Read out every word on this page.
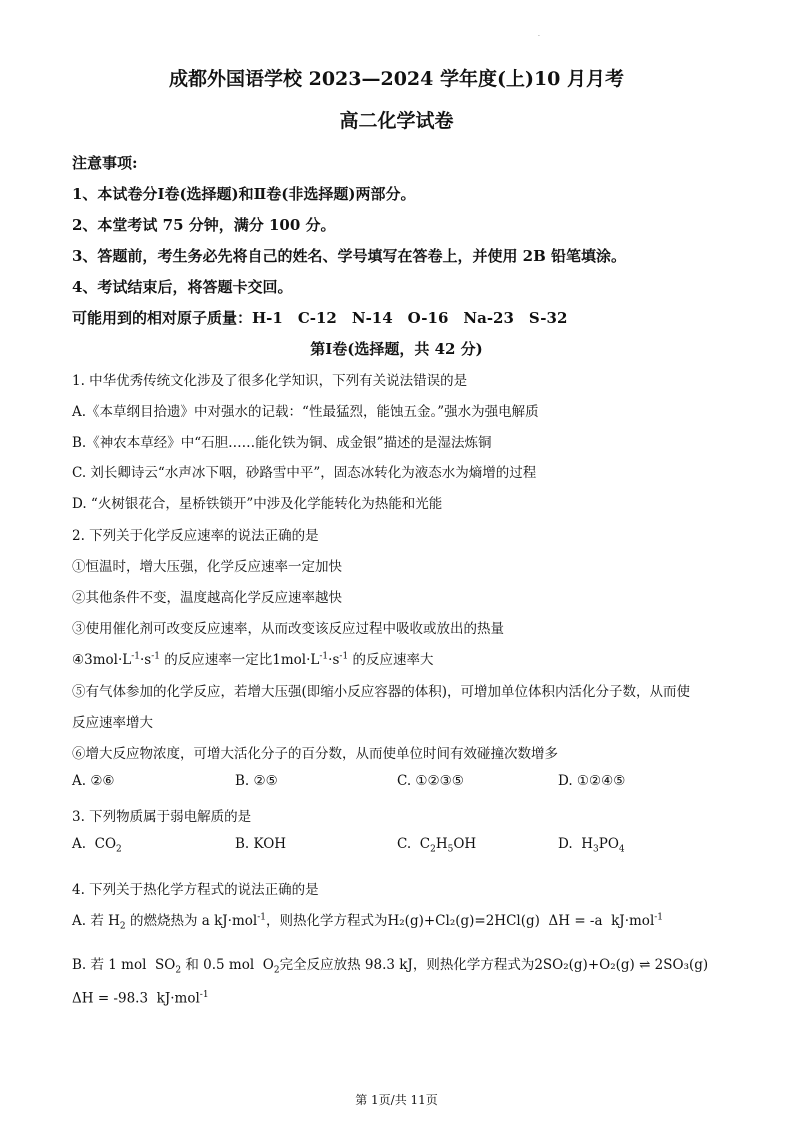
·
成都外国语学校 2023—2024 学年度(上)10 月月考
高二化学试卷
注意事项:
1、本试卷分Ⅰ卷(选择题)和Ⅱ卷(非选择题)两部分。
2、本堂考试 75 分钟，满分 100 分。
3、答题前，考生务必先将自己的姓名、学号填写在答卷上，并使用 2B 铅笔填涂。
4、考试结束后，将答题卡交回。
可能用到的相对原子质量：H-1　C-12　N-14　O-16　Na-23　S-32
第Ⅰ卷(选择题，共 42 分)
1. 中华优秀传统文化涉及了很多化学知识，下列有关说法错误的是
A.《本草纲目拾遗》中对强水的记载：“性最猛烈，能蚀五金。”强水为强电解质
B.《神农本草经》中“石胆……能化铁为铜、成金银”描述的是湿法炼铜
C. 刘长卿诗云“水声冰下咽，砂路雪中平”，固态冰转化为液态水为熵增的过程
D. “火树银花合，星桥铁锁开”中涉及化学能转化为热能和光能
2. 下列关于化学反应速率的说法正确的是
①恒温时，增大压强，化学反应速率一定加快
②其他条件不变，温度越高化学反应速率越快
③使用催化剂可改变反应速率，从而改变该反应过程中吸收或放出的热量
$④3mol\cdot L^{-1}\cdot s^{-1}$ 的反应速率一定比$1mol\cdot L^{-1}\cdot s^{-1}$ 的反应速率大
⑤有气体参加的化学反应，若增大压强(即缩小反应容器的体积)，可增加单位体积内活化分子数，从而使
反应速率增大
⑥增大反应物浓度，可增大活化分子的百分数，从而使单位时间有效碰撞次数增多
A. ②⑥	B. ②⑤	C. ①②③⑤	D. ①②④⑤
3. 下列物质属于弱电解质的是
A. $CO_2$	B. KOH	C. $C_2H_5OH$	D. $H_3PO_4$
4. 下列关于热化学方程式的说法正确的是
A. 若 $H_2$ 的燃烧热为 a kJ·mol$^{-1}$，则热化学方程式为H₂(g)+Cl₂(g)=2HCl(g) ΔH = -a kJ·mol$^{-1}$
B. 若 1 mol $SO_2$ 和 0.5 mol $O_2$完全反应放热 98.3 kJ，则热化学方程式为2SO₂(g)+O₂(g) ⇌ 2SO₃(g)
ΔH = -98.3 kJ·mol$^{-1}$
第 1页/共 11页
